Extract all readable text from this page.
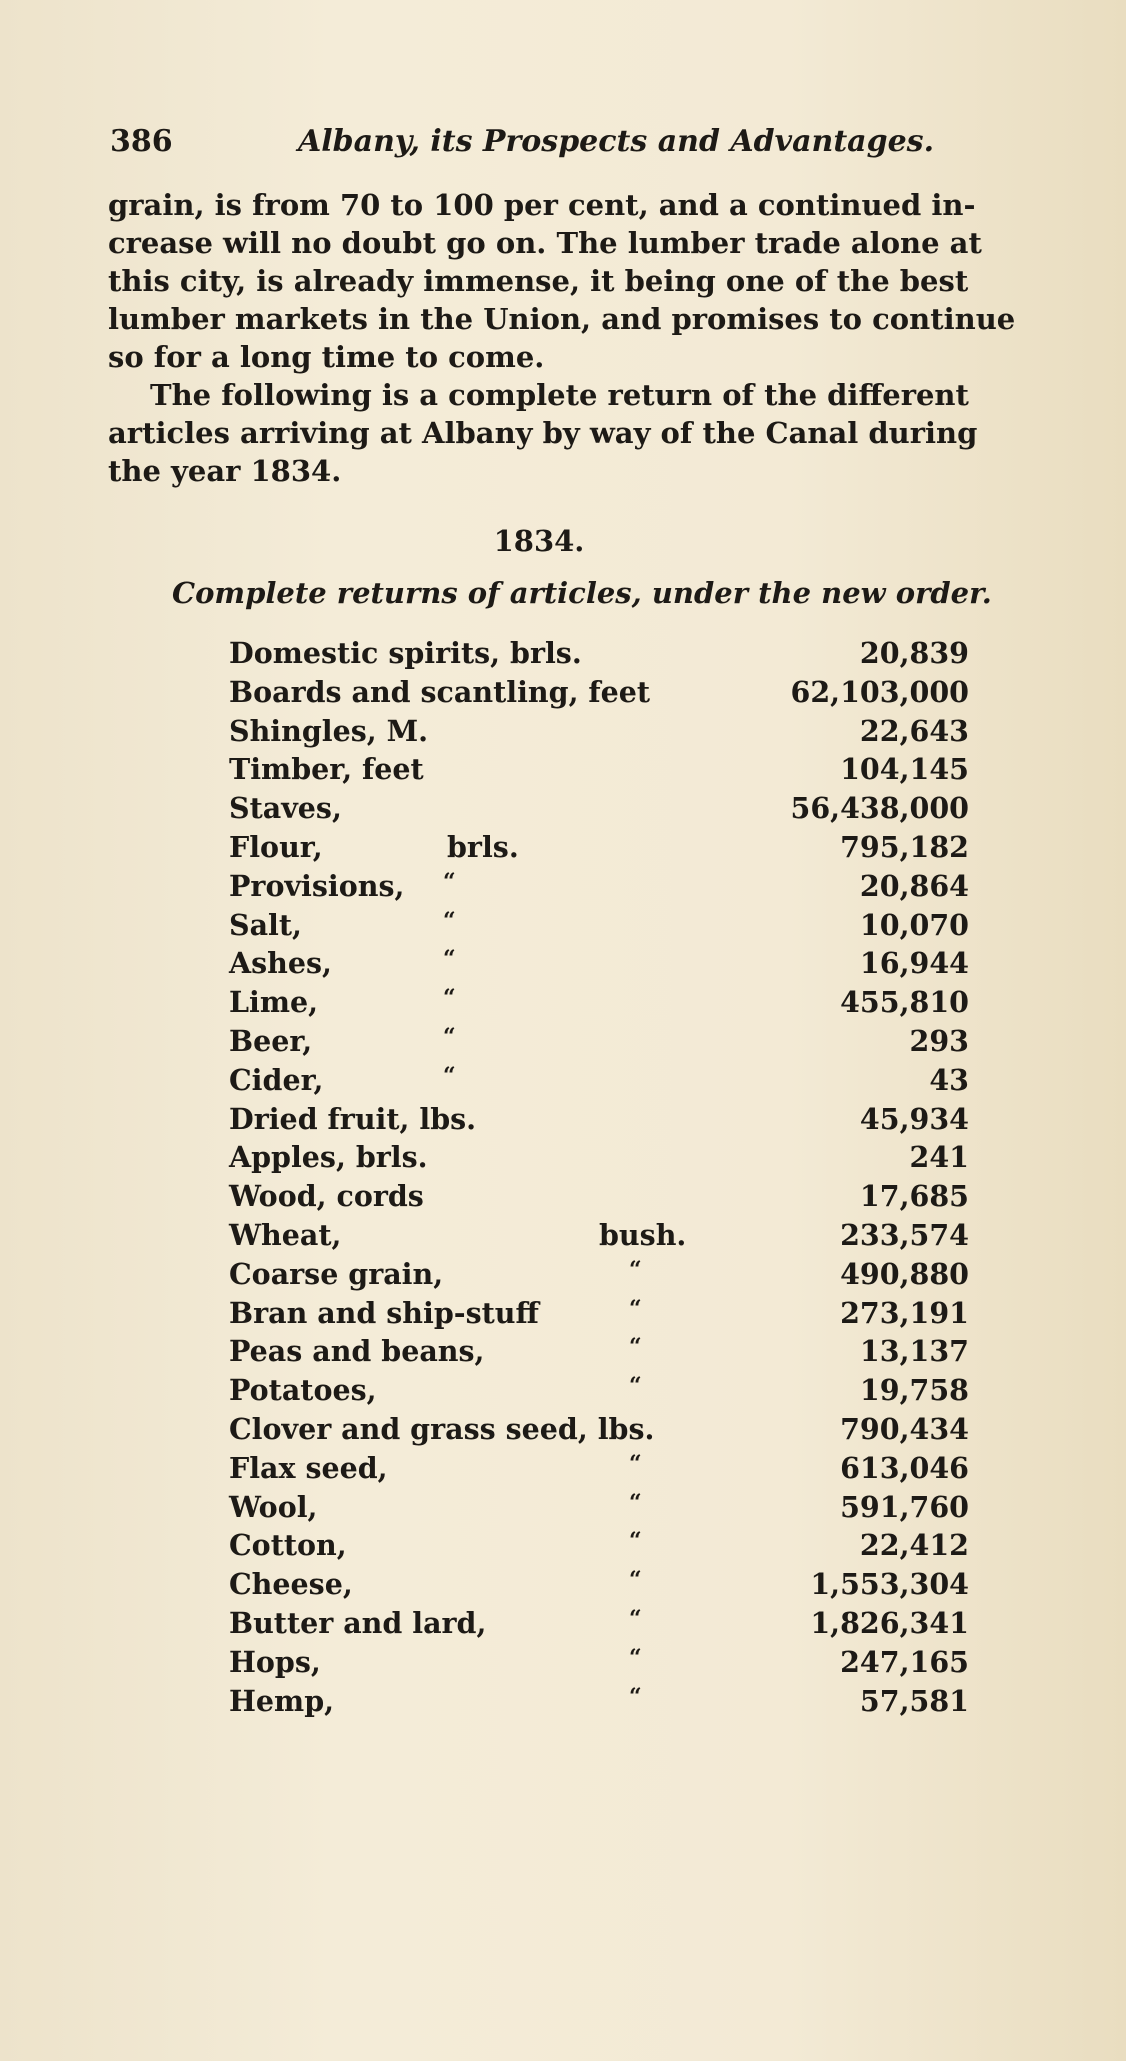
386	Albany, its Prospects and Advantages.
grain, is from 70 to 100 per cent, and a continued in-
crease will no doubt go on. The lumber trade alone at
this city, is already immense, it being one of the best
lumber markets in the Union, and promises to continue
so for a long time to come.
The following is a complete return of the different
articles arriving at Albany by way of the Canal during
the year 1834.
1834.
Complete returns of articles, under the new order.
Domestic spirits, brls.	20,839
Boards and scantling, feet	62,103,000
Shingles, M.	22,643
Timber, feet	104,145
Staves,	56,438,000
Flour,	brls.	795,182
Provisions, “	20,864
Salt,	“	10,070
Ashes,	“	16,944
Lime,	“	455,810
Beer,	“	293
Cider,	“	43
Dried fruit, lbs.	45,934
Apples, brls.	241
Wood, cords	17,685
Wheat,	bush.	233,574
Coarse grain,	“	490,880
Bran and ship-stuff	“	273,191
Peas and beans,	“	13,137
Potatoes,	“	19,758
Clover and grass seed, lbs.	790,434
Flax seed,	“	613,046
Wool,	“	591,760
Cotton,	“	22,412
Cheese,	“	1,553,304
Butter and lard,	“	1,826,341
Hops,	“	247,165
Hemp,	“	57,581
